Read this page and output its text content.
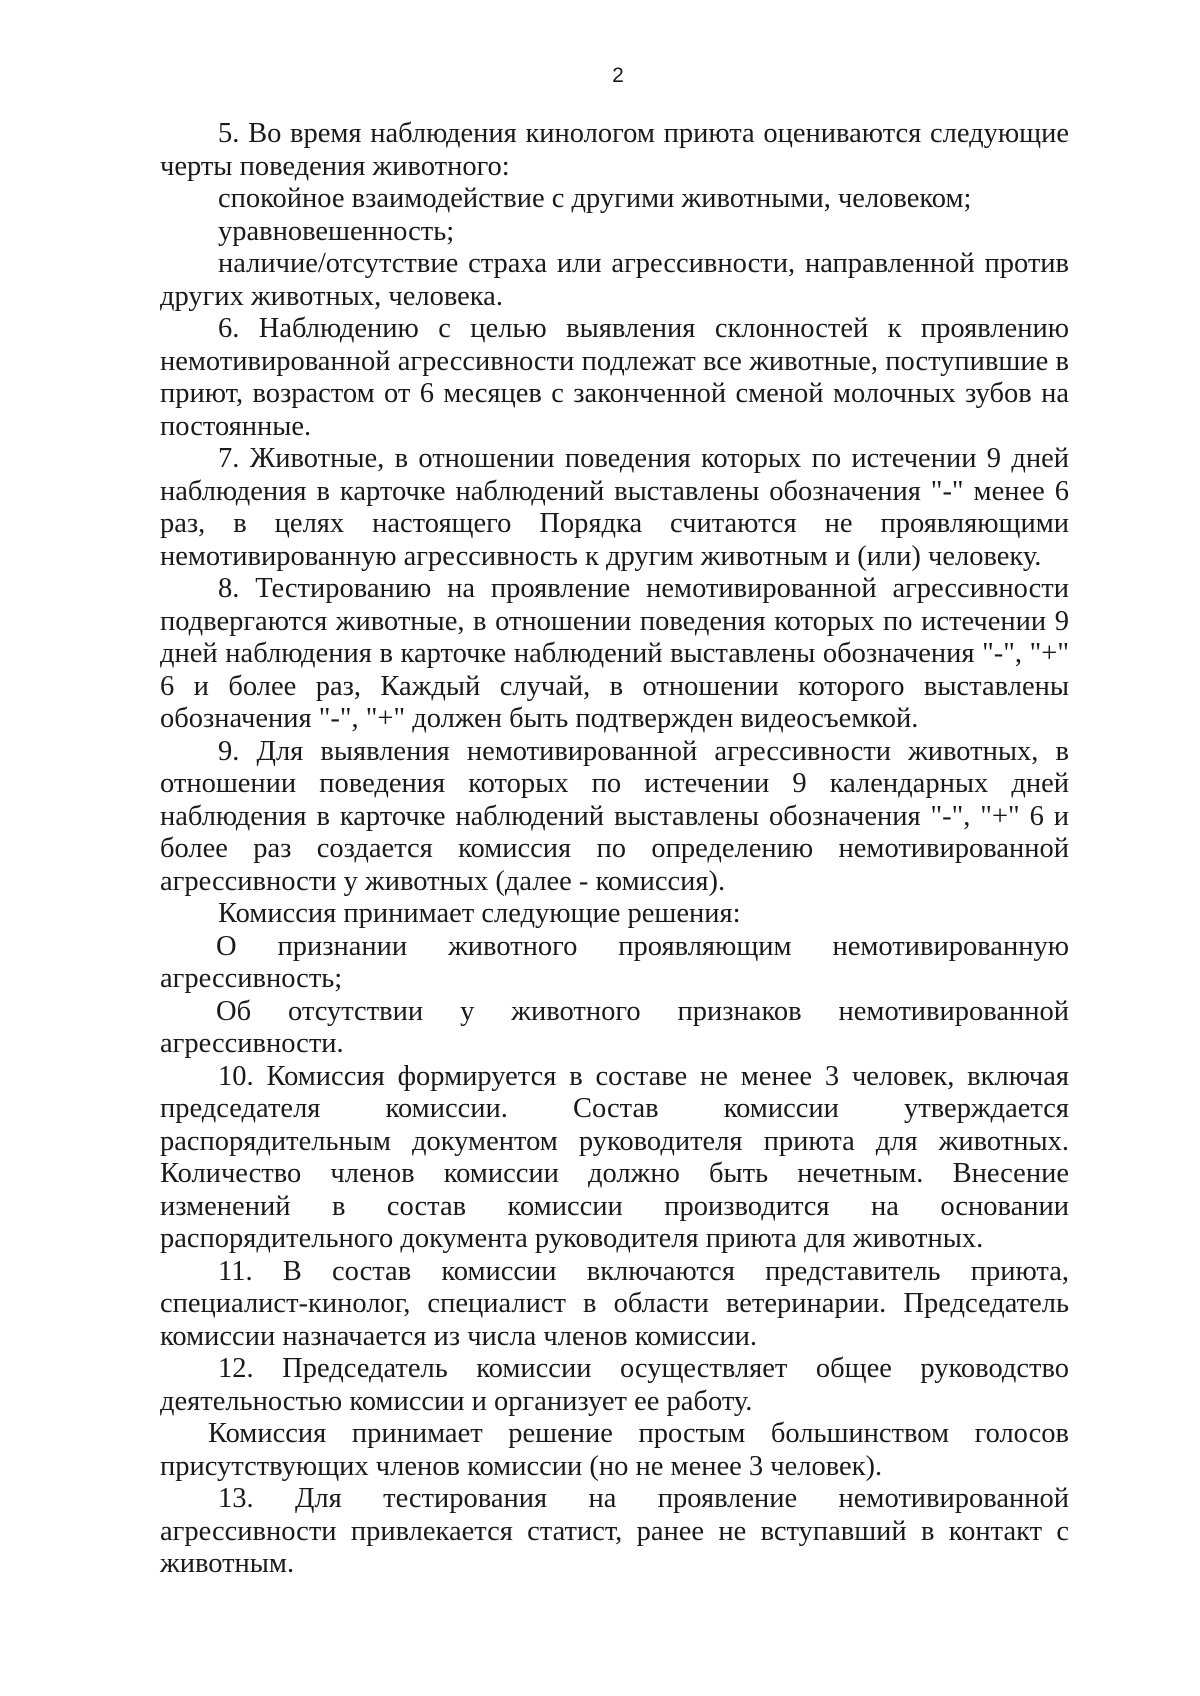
2

5. Во время наблюдения кинологом приюта оцениваются следующие черты поведения животного:

спокойное взаимодействие с другими животными, человеком;

уравновешенность;

наличие/отсутствие страха или агрессивности, направленной против других животных, человека.

6. Наблюдению с целью выявления склонностей к проявлению немотивированной агрессивности подлежат все животные, поступившие в приют, возрастом от 6 месяцев с законченной сменой молочных зубов на постоянные.

7. Животные, в отношении поведения которых по истечении 9 дней наблюдения в карточке наблюдений выставлены обозначения "-" менее 6 раз, в целях настоящего Порядка считаются не проявляющими немотивированную агрессивность к другим животным и (или) человеку.

8. Тестированию на проявление немотивированной агрессивности подвергаются животные, в отношении поведения которых по истечении 9 дней наблюдения в карточке наблюдений выставлены обозначения "-", "+" 6 и более раз, Каждый случай, в отношении которого выставлены обозначения "-", "+" должен быть подтвержден видеосъемкой.

9. Для выявления немотивированной агрессивности животных, в отношении поведения которых по истечении 9 календарных дней наблюдения в карточке наблюдений выставлены обозначения "-", "+" 6 и более раз создается комиссия по определению немотивированной агрессивности у животных (далее - комиссия).

Комиссия принимает следующие решения:

О признании животного проявляющим немотивированную агрессивность;

Об отсутствии у животного признаков немотивированной агрессивности.

10. Комиссия формируется в составе не менее 3 человек, включая председателя комиссии. Состав комиссии утверждается распорядительным документом руководителя приюта для животных. Количество членов комиссии должно быть нечетным. Внесение изменений в состав комиссии производится на основании распорядительного документа руководителя приюта для животных.

11. В состав комиссии включаются представитель приюта, специалист-кинолог, специалист в области ветеринарии. Председатель комиссии назначается из числа членов комиссии.

12. Председатель комиссии осуществляет общее руководство деятельностью комиссии и организует ее работу.

Комиссия принимает решение простым большинством голосов присутствующих членов комиссии (но не менее 3 человек).

13. Для тестирования на проявление немотивированной агрессивности привлекается статист, ранее не вступавший в контакт с животным.
